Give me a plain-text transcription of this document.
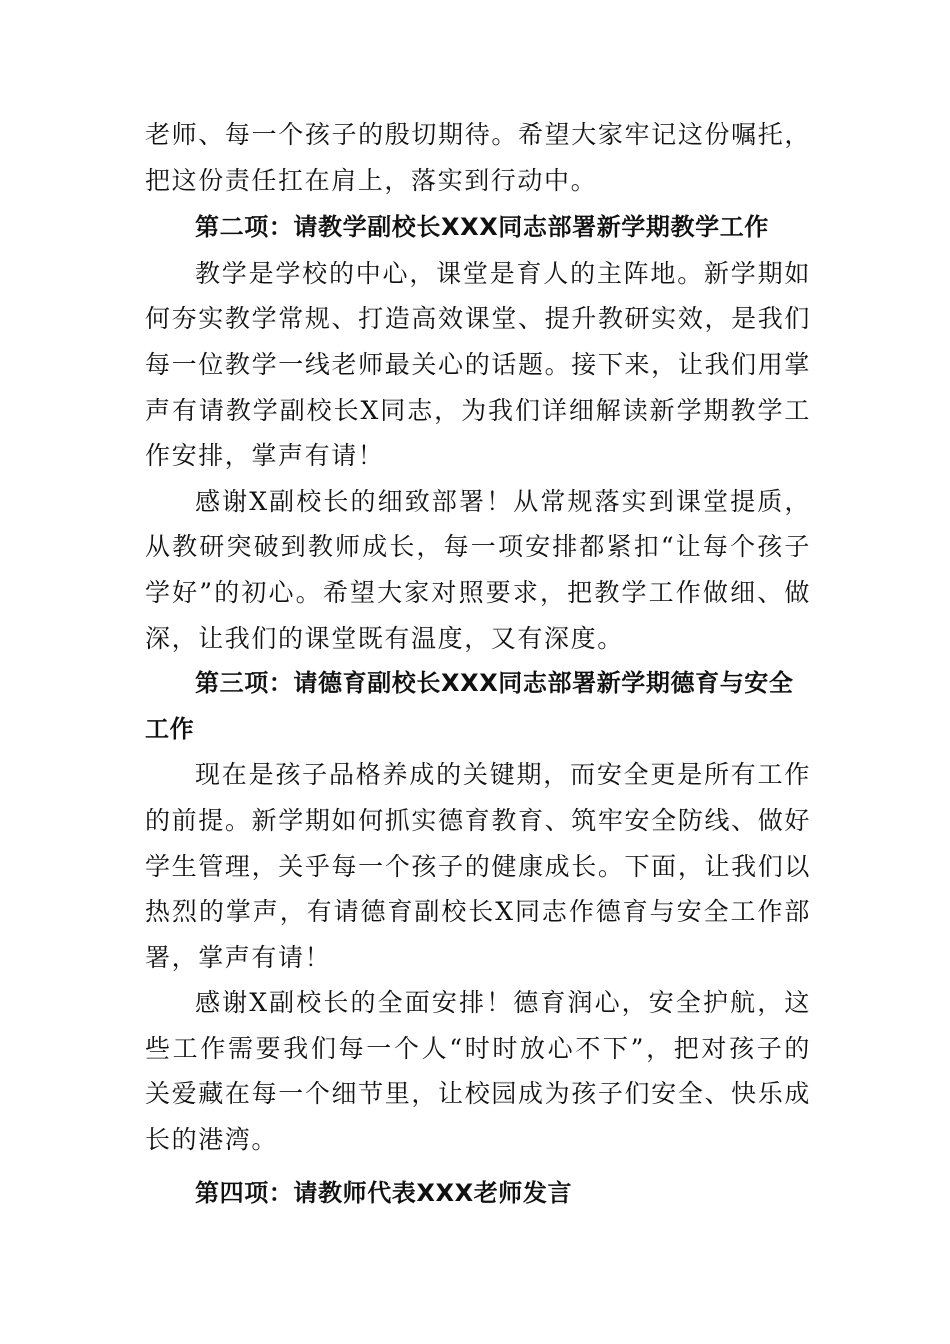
老师、每一个孩子的殷切期待。希望大家牢记这份嘱托，把这份责任扛在肩上，落实到行动中。

第二项：请教学副校长XXX同志部署新学期教学工作

教学是学校的中心，课堂是育人的主阵地。新学期如何夯实教学常规、打造高效课堂、提升教研实效，是我们每一位教学一线老师最关心的话题。接下来，让我们用掌声有请教学副校长X同志，为我们详细解读新学期教学工作安排，掌声有请！

感谢X副校长的细致部署！从常规落实到课堂提质，从教研突破到教师成长，每一项安排都紧扣“让每个孩子学好”的初心。希望大家对照要求，把教学工作做细、做深，让我们的课堂既有温度，又有深度。

第三项：请德育副校长XXX同志部署新学期德育与安全工作

现在是孩子品格养成的关键期，而安全更是所有工作的前提。新学期如何抓实德育教育、筑牢安全防线、做好学生管理，关乎每一个孩子的健康成长。下面，让我们以热烈的掌声，有请德育副校长X同志作德育与安全工作部署，掌声有请！

感谢X副校长的全面安排！德育润心，安全护航，这些工作需要我们每一个人“时时放心不下”，把对孩子的关爱藏在每一个细节里，让校园成为孩子们安全、快乐成长的港湾。

第四项：请教师代表XXX老师发言
